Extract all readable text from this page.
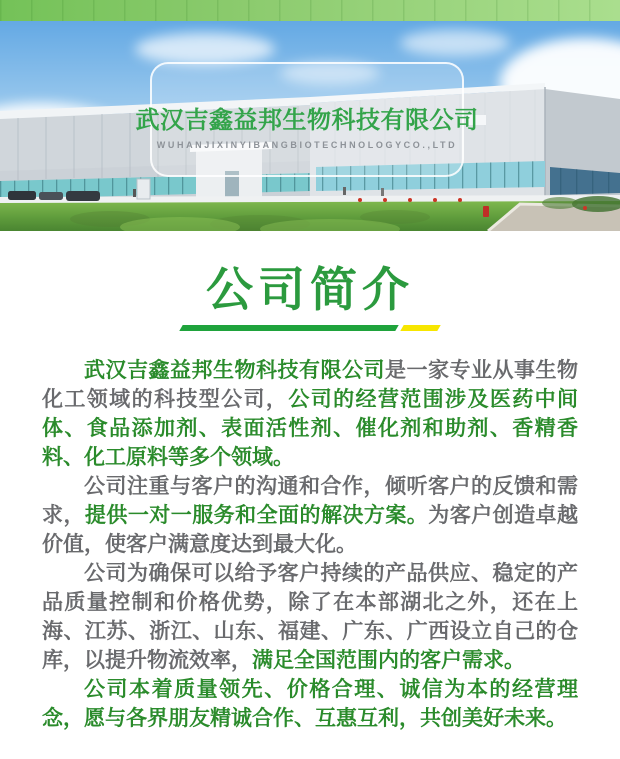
武汉吉鑫益邦生物科技有限公司
WUHANJIXINYIBANGBIOTECHNOLOGYCO.,LTD
公司简介

武汉吉鑫益邦生物科技有限公司是一家专业从事生物化工领域的科技型公司，公司的经营范围涉及医药中间体、食品添加剂、表面活性剂、催化剂和助剂、香精香料、化工原料等多个领域。

公司注重与客户的沟通和合作，倾听客户的反馈和需求，提供一对一服务和全面的解决方案。为客户创造卓越价值，使客户满意度达到最大化。

公司为确保可以给予客户持续的产品供应、稳定的产品质量控制和价格优势，除了在本部湖北之外，还在上海、江苏、浙江、山东、福建、广东、广西设立自己的仓库，以提升物流效率，满足全国范围内的客户需求。

公司本着质量领先、价格合理、诚信为本的经营理念，愿与各界朋友精诚合作、互惠互利，共创美好未来。
